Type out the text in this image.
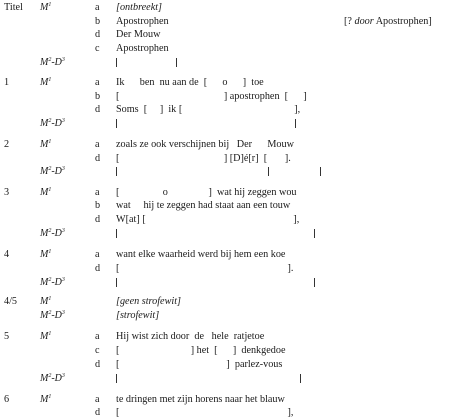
Titel $M^1$	a [ontbreekt]
b Apostrophen	[? door Apostrophen]
d Der Mouw
c Apostrophen
$M^2-D^3$
1	$M^1$	a Ik      ben  nu aan de  [      o      ]  toe
b [                                         ] apostrophen  [      ]
d Soms  [     ]  ik [                                            ],
$M^2-D^3$
2	$M^1$	a zoals ze ook verschijnen bij   Der      Mouw
d [                                         ] [D]é[r]  [       ].
$M^2-D^3$
3	$M^1$	a [                 o                ]  wat hij zeggen wou
b wat     hij te zeggen had staat aan een touw
d W[at] [                                                          ],
$M^2-D^3$
4	$M^1$	a want elke waarheid werd bij hem een koe
d [                                                                  ].
$M^2-D^3$
4/5 $M^1$	[geen strofewit]
$M^2-D^3$	[strofewit]
5	$M^1$	a Hij wist zich door  de   hele  ratjetoe
c [                            ] het  [      ]  denkgedoe
d [                                          ]  parlez-vous
$M^2-D^3$
6	$M^1$	a te dringen met zijn horens naar het blauw
d [                                                                  ],
